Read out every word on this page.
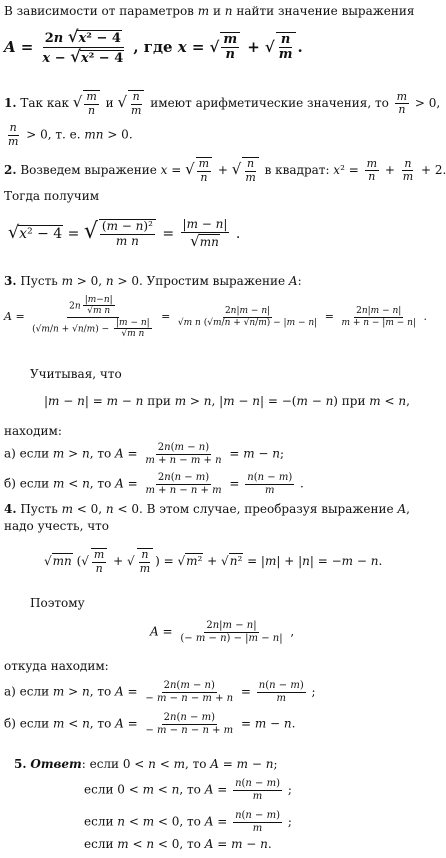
В зависимости от параметров m и n найти значение выражения
$A = \frac{\text{2n √x² − 4}}{\text{x − √x² − 4}}$ , где x = √ $\frac{m}{n}$ + √ $\frac{n}{m}$ .
1. Так как √ $\frac{m}{n}$ и √ $\frac{n}{m}$ имеют арифметические значения, то $\frac{m}{n} > 0$,
$\frac{n}{m} > 0$, т. е. mn > 0.
2. Возведем выражение x = √ $\frac{m}{n}$ + √ $\frac{n}{m}$ в квадрат: $x^2 = \frac{m}{n} + \frac{n}{m} + 2$.
Тогда получим
√x² − 4 = √ $\frac{\text{(m − n)²}}{\text{m n}} = \frac{|m - n|}{√mn}$ .
3. Пусть m > 0, n > 0. Упростим выражение A:
$A = \frac{2n \frac{|m-n|}{\text{√m n}}}{(√m/n + √n/m) - \frac{|m - n|}{\text{√m n}}} = \frac{2n|m - n|}{\text{√m n (√m/n + √n/m) − |m − n|}} = \frac{2n|m - n|}{m + n - |m - n|}$ .
Учитывая, что
|m − n| = m − n при m > n, |m − n| = −(m − n) при m < n,
находим:
а) если m > n, то $A = \frac{2n(m - n)}{m + n - m + n} = m - n$;
б) если m < n, то $A = \frac{2n(n - m)}{m + n - n + m} = \frac{n(n - m)}{m}$ .
4. Пусть m < 0, n < 0. В этом случае, преобразуя выражение A,
надо учесть, что
√mn (√ $\frac{m}{n}$ + √ $\frac{n}{m}$ ) = √m² + √n² = |m| + |n| = −m − n.
Поэтому
$A = \frac{2n|m - n|}{(- m - n) - |m - n|}$ ,
откуда находим:
а) если m > n, то $A = \frac{2n(m - n)}{- m - n - m + n} = \frac{n(n - m)}{m}$ ;
б) если m < n, то $A = \frac{2n(n - m)}{- m - n - n + m} = m - n$.
5. Ответ: если 0 < n < m, то A = m − n;
если 0 < m < n, то $A = \frac{n(n - m)}{m}$ ;
если n < m < 0, то $A = \frac{n(n - m)}{m}$ ;
если m < n < 0, то A = m − n.
